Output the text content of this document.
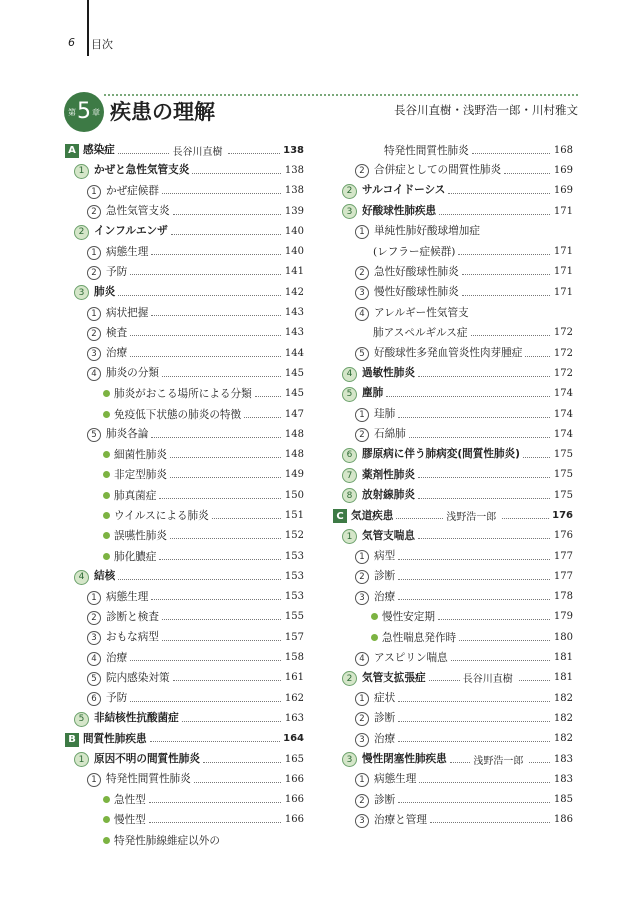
6 目次
第 5 章 疾患の理解	長谷川直樹・浅野浩一郎・川村雅文
A 感染症	長谷川直樹	138
1 かぜと急性気管支炎	138
1 かぜ症候群	138
2 急性気管支炎	139
2 インフルエンザ	140
1 病態生理	140
2 予防	141
3 肺炎	142
1 病状把握	143
2 検査	143
3 治療	144
4 肺炎の分類	145
肺炎がおこる場所による分類	145
免疫低下状態の肺炎の特徴	147
5 肺炎各論	148
細菌性肺炎	148
非定型肺炎	149
肺真菌症	150
ウイルスによる肺炎	151
誤嚥性肺炎	152
肺化膿症	153
4 結核	153
1 病態生理	153
2 診断と検査	155
3 おもな病型	157
4 治療	158
5 院内感染対策	161
6 予防	162
5 非結核性抗酸菌症	163
B 間質性肺疾患	164
1 原因不明の間質性肺炎	165
1 特発性間質性肺炎	166
急性型	166
慢性型	166
特発性肺線維症以外の
特発性間質性肺炎	168
2 合併症としての間質性肺炎	169
2 サルコイドーシス	169
3 好酸球性肺疾患	171
1 単純性肺好酸球増加症
(レフラー症候群)	171
2 急性好酸球性肺炎	171
3 慢性好酸球性肺炎	171
4 アレルギー性気管支
肺アスペルギルス症	172
5 好酸球性多発血管炎性肉芽腫症	172
4 過敏性肺炎	172
5 塵肺	174
1 珪肺	174
2 石綿肺	174
6 膠原病に伴う肺病変(間質性肺炎)	175
7 薬剤性肺炎	175
8 放射線肺炎	175
C 気道疾患	浅野浩一郎	176
1 気管支喘息	176
1 病型	177
2 診断	177
3 治療	178
慢性安定期	179
急性喘息発作時	180
4 アスピリン喘息	181
2 気管支拡張症	長谷川直樹	181
1 症状	182
2 診断	182
3 治療	182
3 慢性閉塞性肺疾患	浅野浩一郎	183
1 病態生理	183
2 診断	185
3 治療と管理	186
